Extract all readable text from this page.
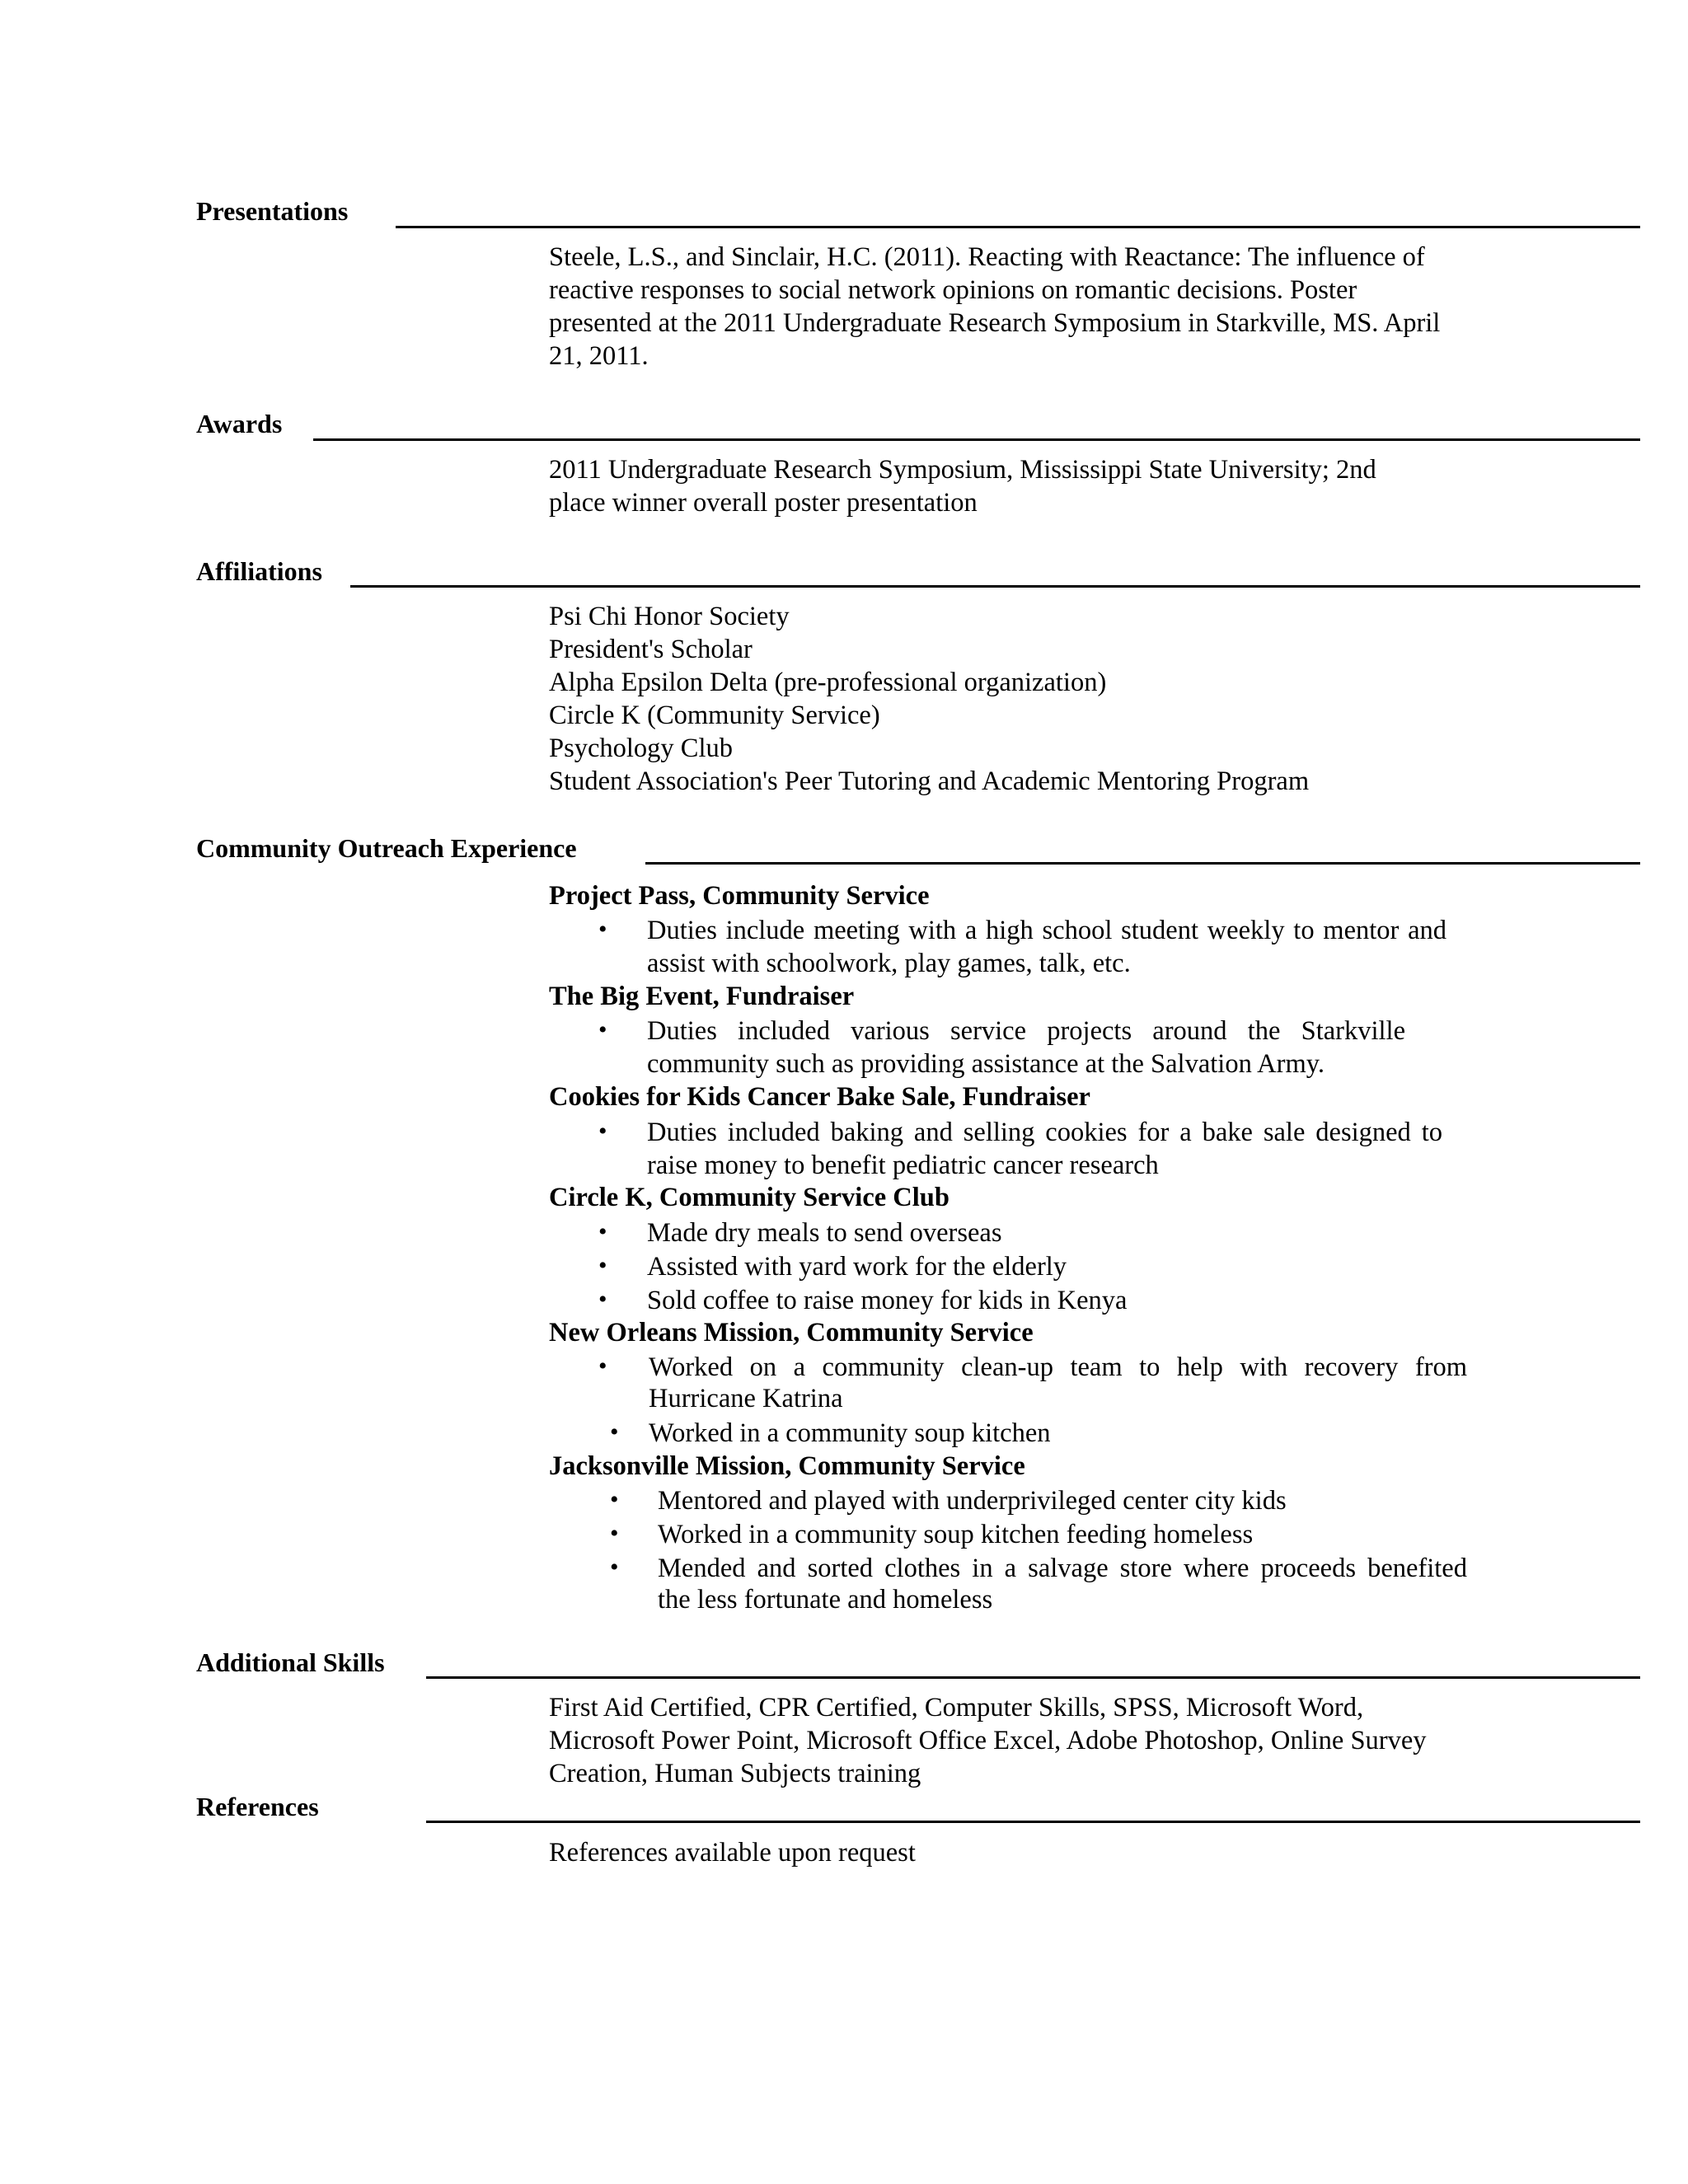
Presentations
Steele, L.S., and Sinclair, H.C. (2011). Reacting with Reactance: The influence of
reactive responses to social network opinions on romantic decisions. Poster
presented at the 2011 Undergraduate Research Symposium in Starkville, MS. April
21, 2011.
Awards
2011 Undergraduate Research Symposium, Mississippi State University; 2nd
place winner overall poster presentation
Affiliations
Psi Chi Honor Society
President's Scholar
Alpha Epsilon Delta (pre-professional organization)
Circle K (Community Service)
Psychology Club
Student Association's Peer Tutoring and Academic Mentoring Program
Community Outreach Experience
Project Pass, Community Service
• Duties include meeting with a high school student weekly to mentor and
assist with schoolwork, play games, talk, etc.
The Big Event, Fundraiser
• Duties included various service projects around the Starkville
community such as providing assistance at the Salvation Army.
Cookies for Kids Cancer Bake Sale, Fundraiser
• Duties included baking and selling cookies for a bake sale designed to
raise money to benefit pediatric cancer research
Circle K, Community Service Club
• Made dry meals to send overseas
• Assisted with yard work for the elderly
• Sold coffee to raise money for kids in Kenya
New Orleans Mission, Community Service
• Worked on a community clean-up team to help with recovery from
Hurricane Katrina
• Worked in a community soup kitchen
Jacksonville Mission, Community Service
• Mentored and played with underprivileged center city kids
• Worked in a community soup kitchen feeding homeless
• Mended and sorted clothes in a salvage store where proceeds benefited
the less fortunate and homeless
Additional Skills
First Aid Certified, CPR Certified, Computer Skills, SPSS, Microsoft Word,
Microsoft Power Point, Microsoft Office Excel, Adobe Photoshop, Online Survey
Creation, Human Subjects training
References
References available upon request
